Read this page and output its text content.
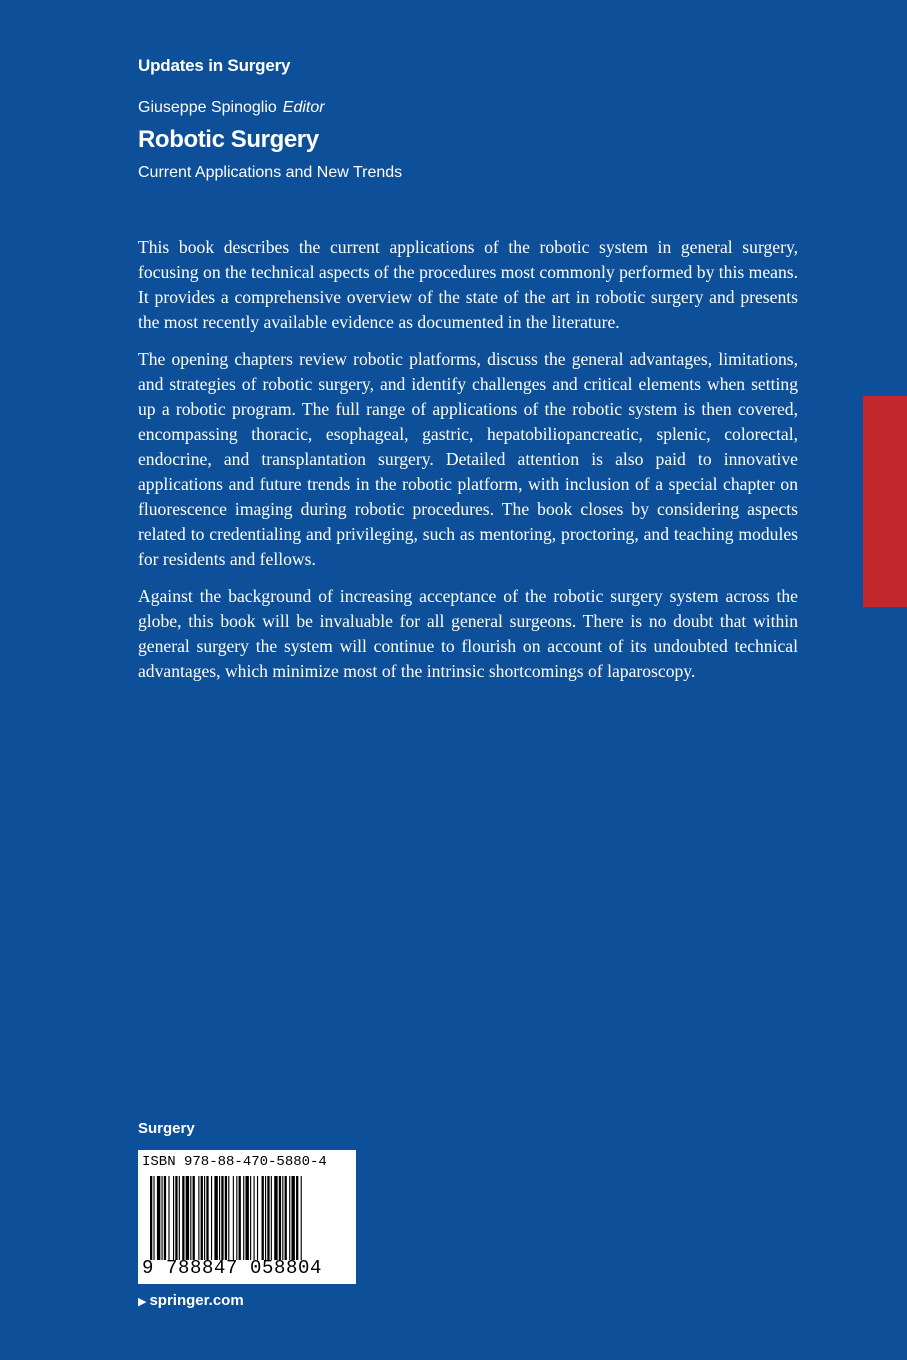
Updates in Surgery
Giuseppe Spinoglio Editor
Robotic Surgery
Current Applications and New Trends

This book describes the current applications of the robotic system in general surgery, focusing on the technical aspects of the procedures most commonly performed by this means. It provides a comprehensive overview of the state of the art in robotic surgery and presents the most recently available evidence as documented in the literature.

The opening chapters review robotic platforms, discuss the general advantages, limitations, and strategies of robotic surgery, and identify challenges and critical elements when setting up a robotic program. The full range of applications of the robotic system is then covered, encompassing thoracic, esophageal, gastric, hepatobiliopancreatic, splenic, colorectal, endocrine, and transplantation surgery. Detailed attention is also paid to innovative applications and future trends in the robotic platform, with inclusion of a special chapter on fluorescence imaging during robotic procedures. The book closes by considering aspects related to credentialing and privileging, such as mentoring, proctoring, and teaching modules for residents and fellows.

Against the background of increasing acceptance of the robotic surgery system across the globe, this book will be invaluable for all general surgeons. There is no doubt that within general surgery the system will continue to flourish on account of its undoubted technical advantages, which minimize most of the intrinsic shortcomings of laparoscopy.

Surgery
ISBN 978-88-470-5880-4
9 788847 058804
▶ springer.com
